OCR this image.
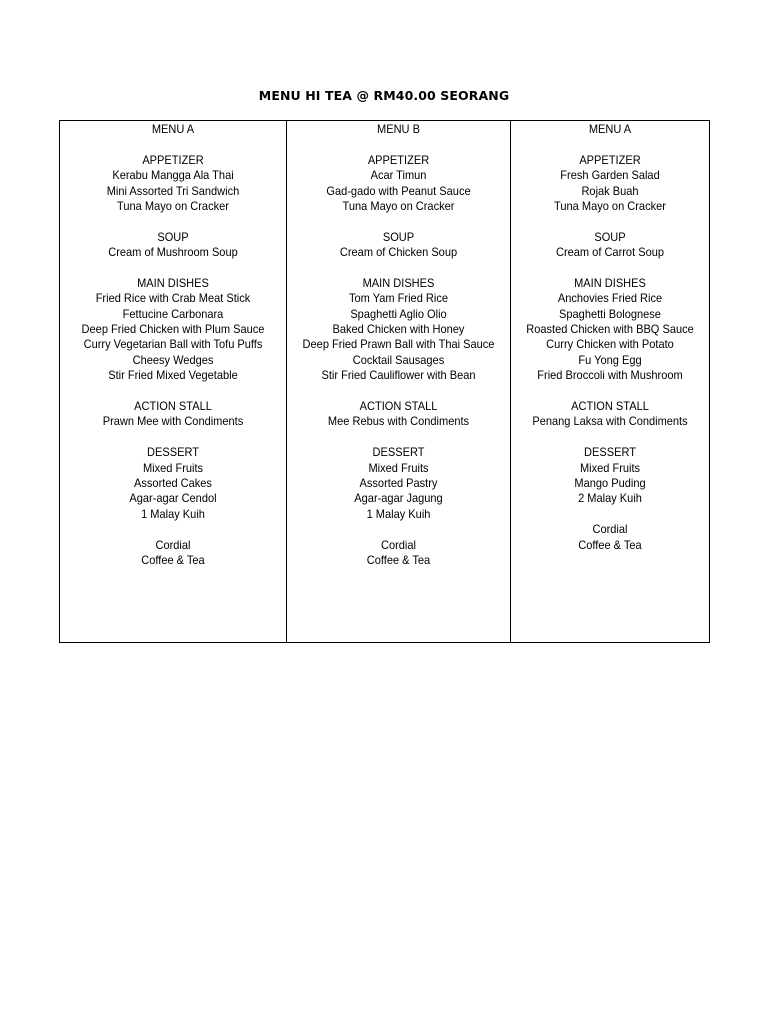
MENU HI TEA @ RM40.00 SEORANG
MENU A
APPETIZER
Kerabu Mangga Ala Thai
Mini Assorted Tri Sandwich
Tuna Mayo on Cracker
SOUP
Cream of Mushroom Soup
MAIN DISHES
Fried Rice with Crab Meat Stick
Fettucine Carbonara
Deep Fried Chicken with Plum Sauce
Curry Vegetarian Ball with Tofu Puffs
Cheesy Wedges
Stir Fried Mixed Vegetable
ACTION STALL
Prawn Mee with Condiments
DESSERT
Mixed Fruits
Assorted Cakes
Agar-agar Cendol
1 Malay Kuih
Cordial
Coffee & Tea
MENU B
APPETIZER
Acar Timun
Gad-gado with Peanut Sauce
Tuna Mayo on Cracker
SOUP
Cream of Chicken Soup
MAIN DISHES
Tom Yam Fried Rice
Spaghetti Aglio Olio
Baked Chicken with Honey
Deep Fried Prawn Ball with Thai Sauce
Cocktail Sausages
Stir Fried Cauliflower with Bean
ACTION STALL
Mee Rebus with Condiments
DESSERT
Mixed Fruits
Assorted Pastry
Agar-agar Jagung
1 Malay Kuih
Cordial
Coffee & Tea
MENU A
APPETIZER
Fresh Garden Salad
Rojak Buah
Tuna Mayo on Cracker
SOUP
Cream of Carrot Soup
MAIN DISHES
Anchovies Fried Rice
Spaghetti Bolognese
Roasted Chicken with BBQ Sauce
Curry Chicken with Potato
Fu Yong Egg
Fried Broccoli with Mushroom
ACTION STALL
Penang Laksa with Condiments
DESSERT
Mixed Fruits
Mango Puding
2 Malay Kuih
Cordial
Coffee & Tea
